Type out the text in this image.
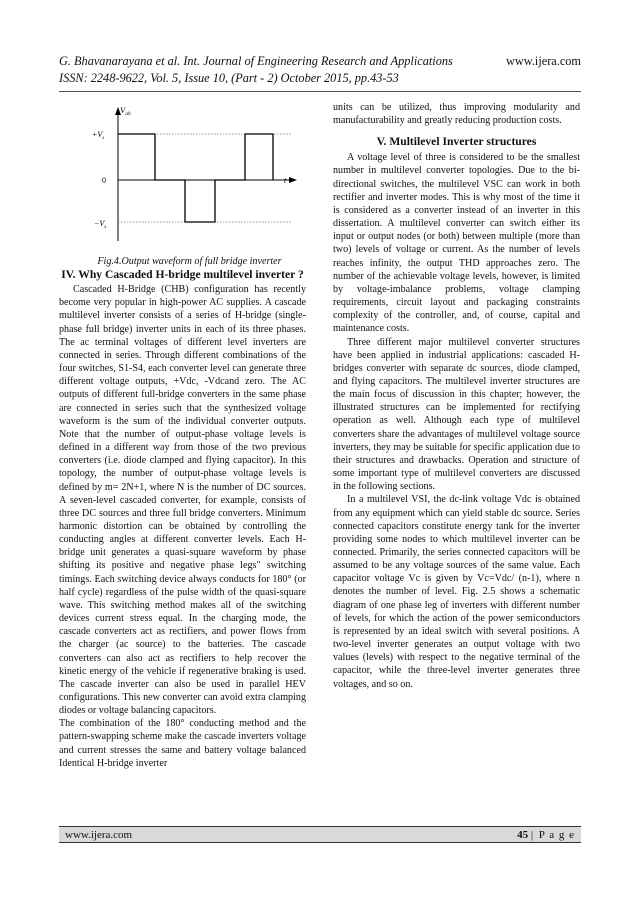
G. Bhavanarayana et al. Int. Journal of Engineering Research and Applications	www.ijera.com
ISSN: 2248-9622, Vol. 5, Issue 10, (Part - 2) October 2015, pp.43-53
$V_{ab}$
$+V_s$
0
$-V_s$
t

Fig.4.Output waveform of full bridge inverter

IV. Why Cascaded H-bridge multilevel inverter ?

Cascaded H-Bridge (CHB) configuration has recently become very popular in high-power AC supplies. A cascade multilevel inverter consists of a series of H-bridge (single-phase full bridge) inverter units in each of its three phases. The ac terminal voltages of different level inverters are connected in series. Through different combinations of the four switches, S1-S4, each converter level can generate three different voltage outputs, +Vdc, -Vdcand zero. The AC outputs of different full-bridge converters in the same phase are connected in series such that the synthesized voltage waveform is the sum of the individual converter outputs. Note that the number of output-phase voltage levels is defined in a different way from those of the two previous converters (i.e. diode clamped and flying capacitor). In this topology, the number of output-phase voltage levels is defined by m= 2N+1, where N is the number of DC sources. A seven-level cascaded converter, for example, consists of three DC sources and three full bridge converters. Minimum harmonic distortion can be obtained by controlling the conducting angles at different converter levels. Each H- bridge unit generates a quasi-square waveform by phase shifting its positive and negative phase legs" switching timings. Each switching device always conducts for 180° (or half cycle) regardless of the pulse width of the quasi-square wave. This switching method makes all of the switching devices current stress equal. In the charging mode, the cascade converters act as rectifiers, and power flows from the charger (ac source) to the batteries. The cascade converters can also act as rectifiers to help recover the kinetic energy of the vehicle if regenerative braking is used. The cascade inverter can also be used in parallel HEV configurations. This new converter can avoid extra clamping diodes or voltage balancing capacitors.

The combination of the 180° conducting method and the pattern-swapping scheme make the cascade inverters voltage and current stresses the same and battery voltage balanced Identical H-bridge inverter

units can be utilized, thus improving modularity and manufacturability and greatly reducing production costs.

V. Multilevel Inverter structures

A voltage level of three is considered to be the smallest number in multilevel converter topologies. Due to the bi-directional switches, the multilevel VSC can work in both rectifier and inverter modes. This is why most of the time it is considered as a converter instead of an inverter in this dissertation. A multilevel converter can switch either its input or output nodes (or both) between multiple (more than two) levels of voltage or current. As the number of levels reaches infinity, the output THD approaches zero. The number of the achievable voltage levels, however, is limited by voltage-imbalance problems, voltage clamping requirements, circuit layout and packaging constraints complexity of the controller, and, of course, capital and maintenance costs.

Three different major multilevel converter structures have been applied in industrial applications: cascaded H-bridges converter with separate dc sources, diode clamped, and flying capacitors. The multilevel inverter structures are the main focus of discussion in this chapter; however, the illustrated structures can be implemented for rectifying operation as well. Although each type of multilevel converters share the advantages of multilevel voltage source inverters, they may be suitable for specific application due to their structures and drawbacks. Operation and structure of some important type of multilevel converters are discussed in the following sections.

In a multilevel VSI, the dc-link voltage Vdc is obtained from any equipment which can yield stable dc source. Series connected capacitors constitute energy tank for the inverter providing some nodes to which multilevel inverter can be connected. Primarily, the series connected capacitors will be assumed to be any voltage sources of the same value. Each capacitor voltage Vc is given by Vc=Vdc/ (n-1), where n denotes the number of level. Fig. 2.5 shows a schematic diagram of one phase leg of inverters with different number of levels, for which the action of the power semiconductors is represented by an ideal switch with several positions. A two-level inverter generates an output voltage with two values (levels) with respect to the negative terminal of the capacitor, while the three-level inverter generates three voltages, and so on.

www.ijera.com	45 | P a g e
